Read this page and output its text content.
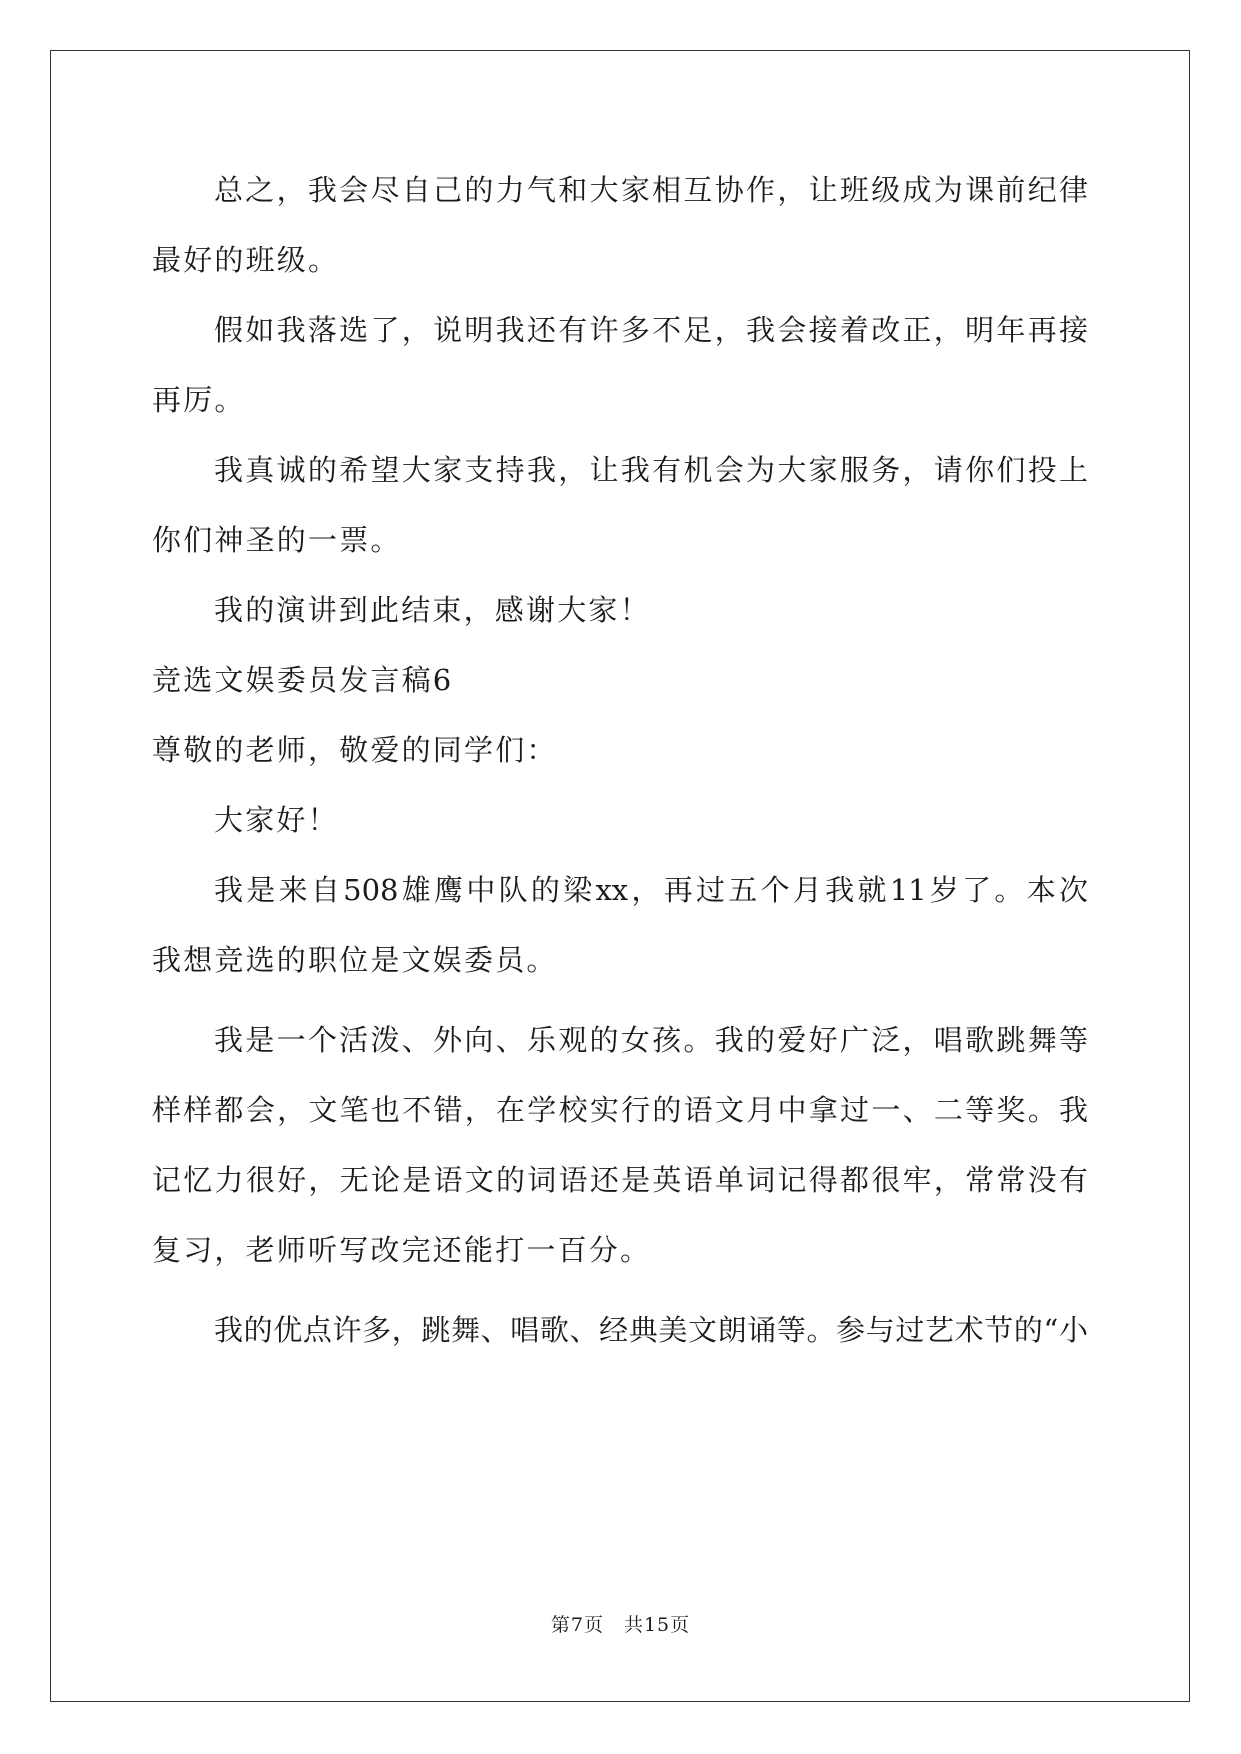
总之，我会尽自己的力气和大家相互协作，让班级成为课前纪律
最好的班级。
假如我落选了，说明我还有许多不足，我会接着改正，明年再接
再厉。
我真诚的希望大家支持我，让我有机会为大家服务，请你们投上
你们神圣的一票。
我的演讲到此结束，感谢大家！
竞选文娱委员发言稿6
尊敬的老师，敬爱的同学们：
大家好！
我是来自508雄鹰中队的梁xx，再过五个月我就11岁了。本次
我想竞选的职位是文娱委员。
我是一个活泼、外向、乐观的女孩。我的爱好广泛，唱歌跳舞等
样样都会，文笔也不错，在学校实行的语文月中拿过一、二等奖。我
记忆力很好，无论是语文的词语还是英语单词记得都很牢，常常没有
复习，老师听写改完还能打一百分。
我的优点许多，跳舞、唱歌、经典美文朗诵等。参与过艺术节的“小
第7页　共15页
